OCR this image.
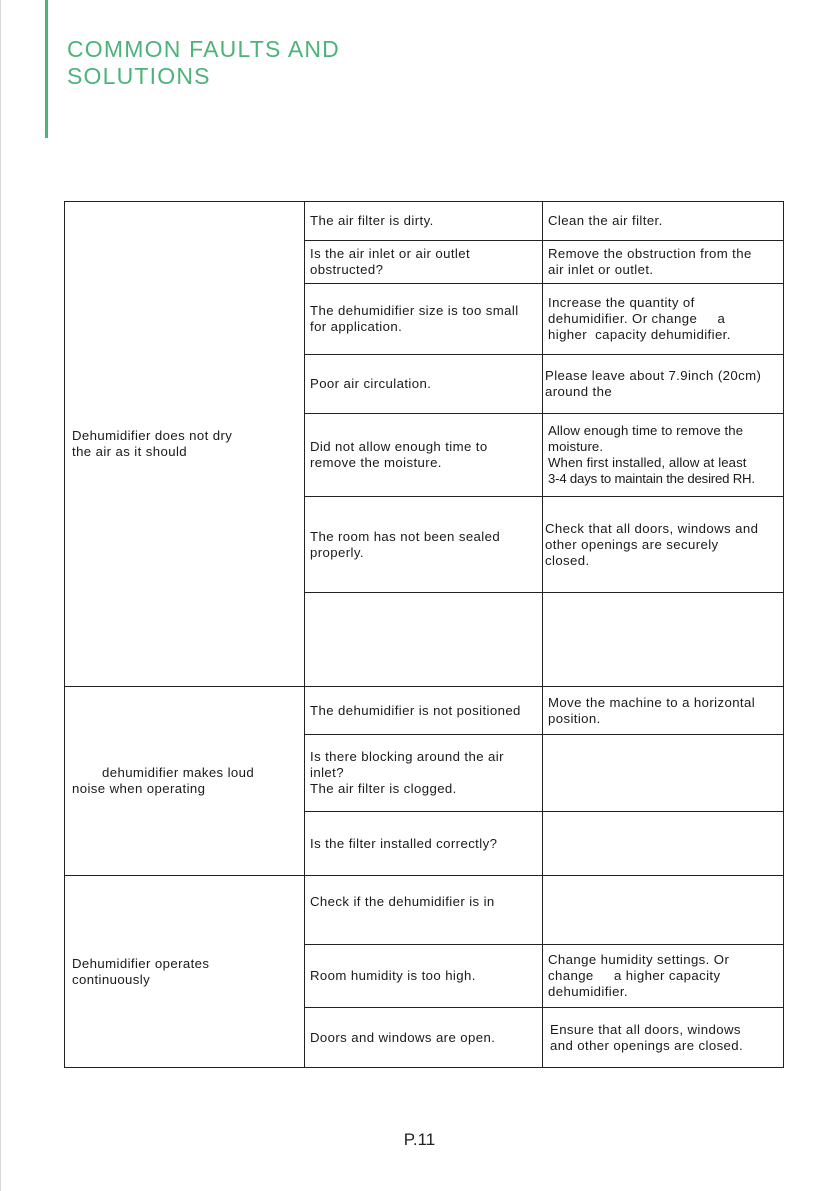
COMMON FAULTS AND
SOLUTIONS
Dehumidifier does not dry
the air as it should	The air filter is dirty.	Clean the air filter.

	Is the air inlet or air outlet
obstructed?	Remove the obstruction from the
air inlet or outlet.

	The dehumidifier size is too small
for application.	Increase the quantity of
dehumidifier. Or change     a
higher  capacity dehumidifier.

	Poor air circulation.	Please leave about 7.9inch (20cm)
around the

	Did not allow enough time to
remove the moisture.	Allow enough time to remove the
moisture.
When first installed, allow at least
3-4 days to maintain the desired RH.

	The room has not been sealed
properly.	Check that all doors, windows and
other openings are securely
closed.

dehumidifier makes loud
noise when operating	The dehumidifier is not positioned	Move the machine to a horizontal
position.

	Is there blocking around the air
inlet?
The air filter is clogged.	

	Is the filter installed correctly?	

Dehumidifier operates
continuously	Check if the dehumidifier is in	

	Room humidity is too high.	Change humidity settings. Or
change     a higher capacity
dehumidifier.

	Doors and windows are open.	Ensure that all doors, windows
and other openings are closed.
P.11
